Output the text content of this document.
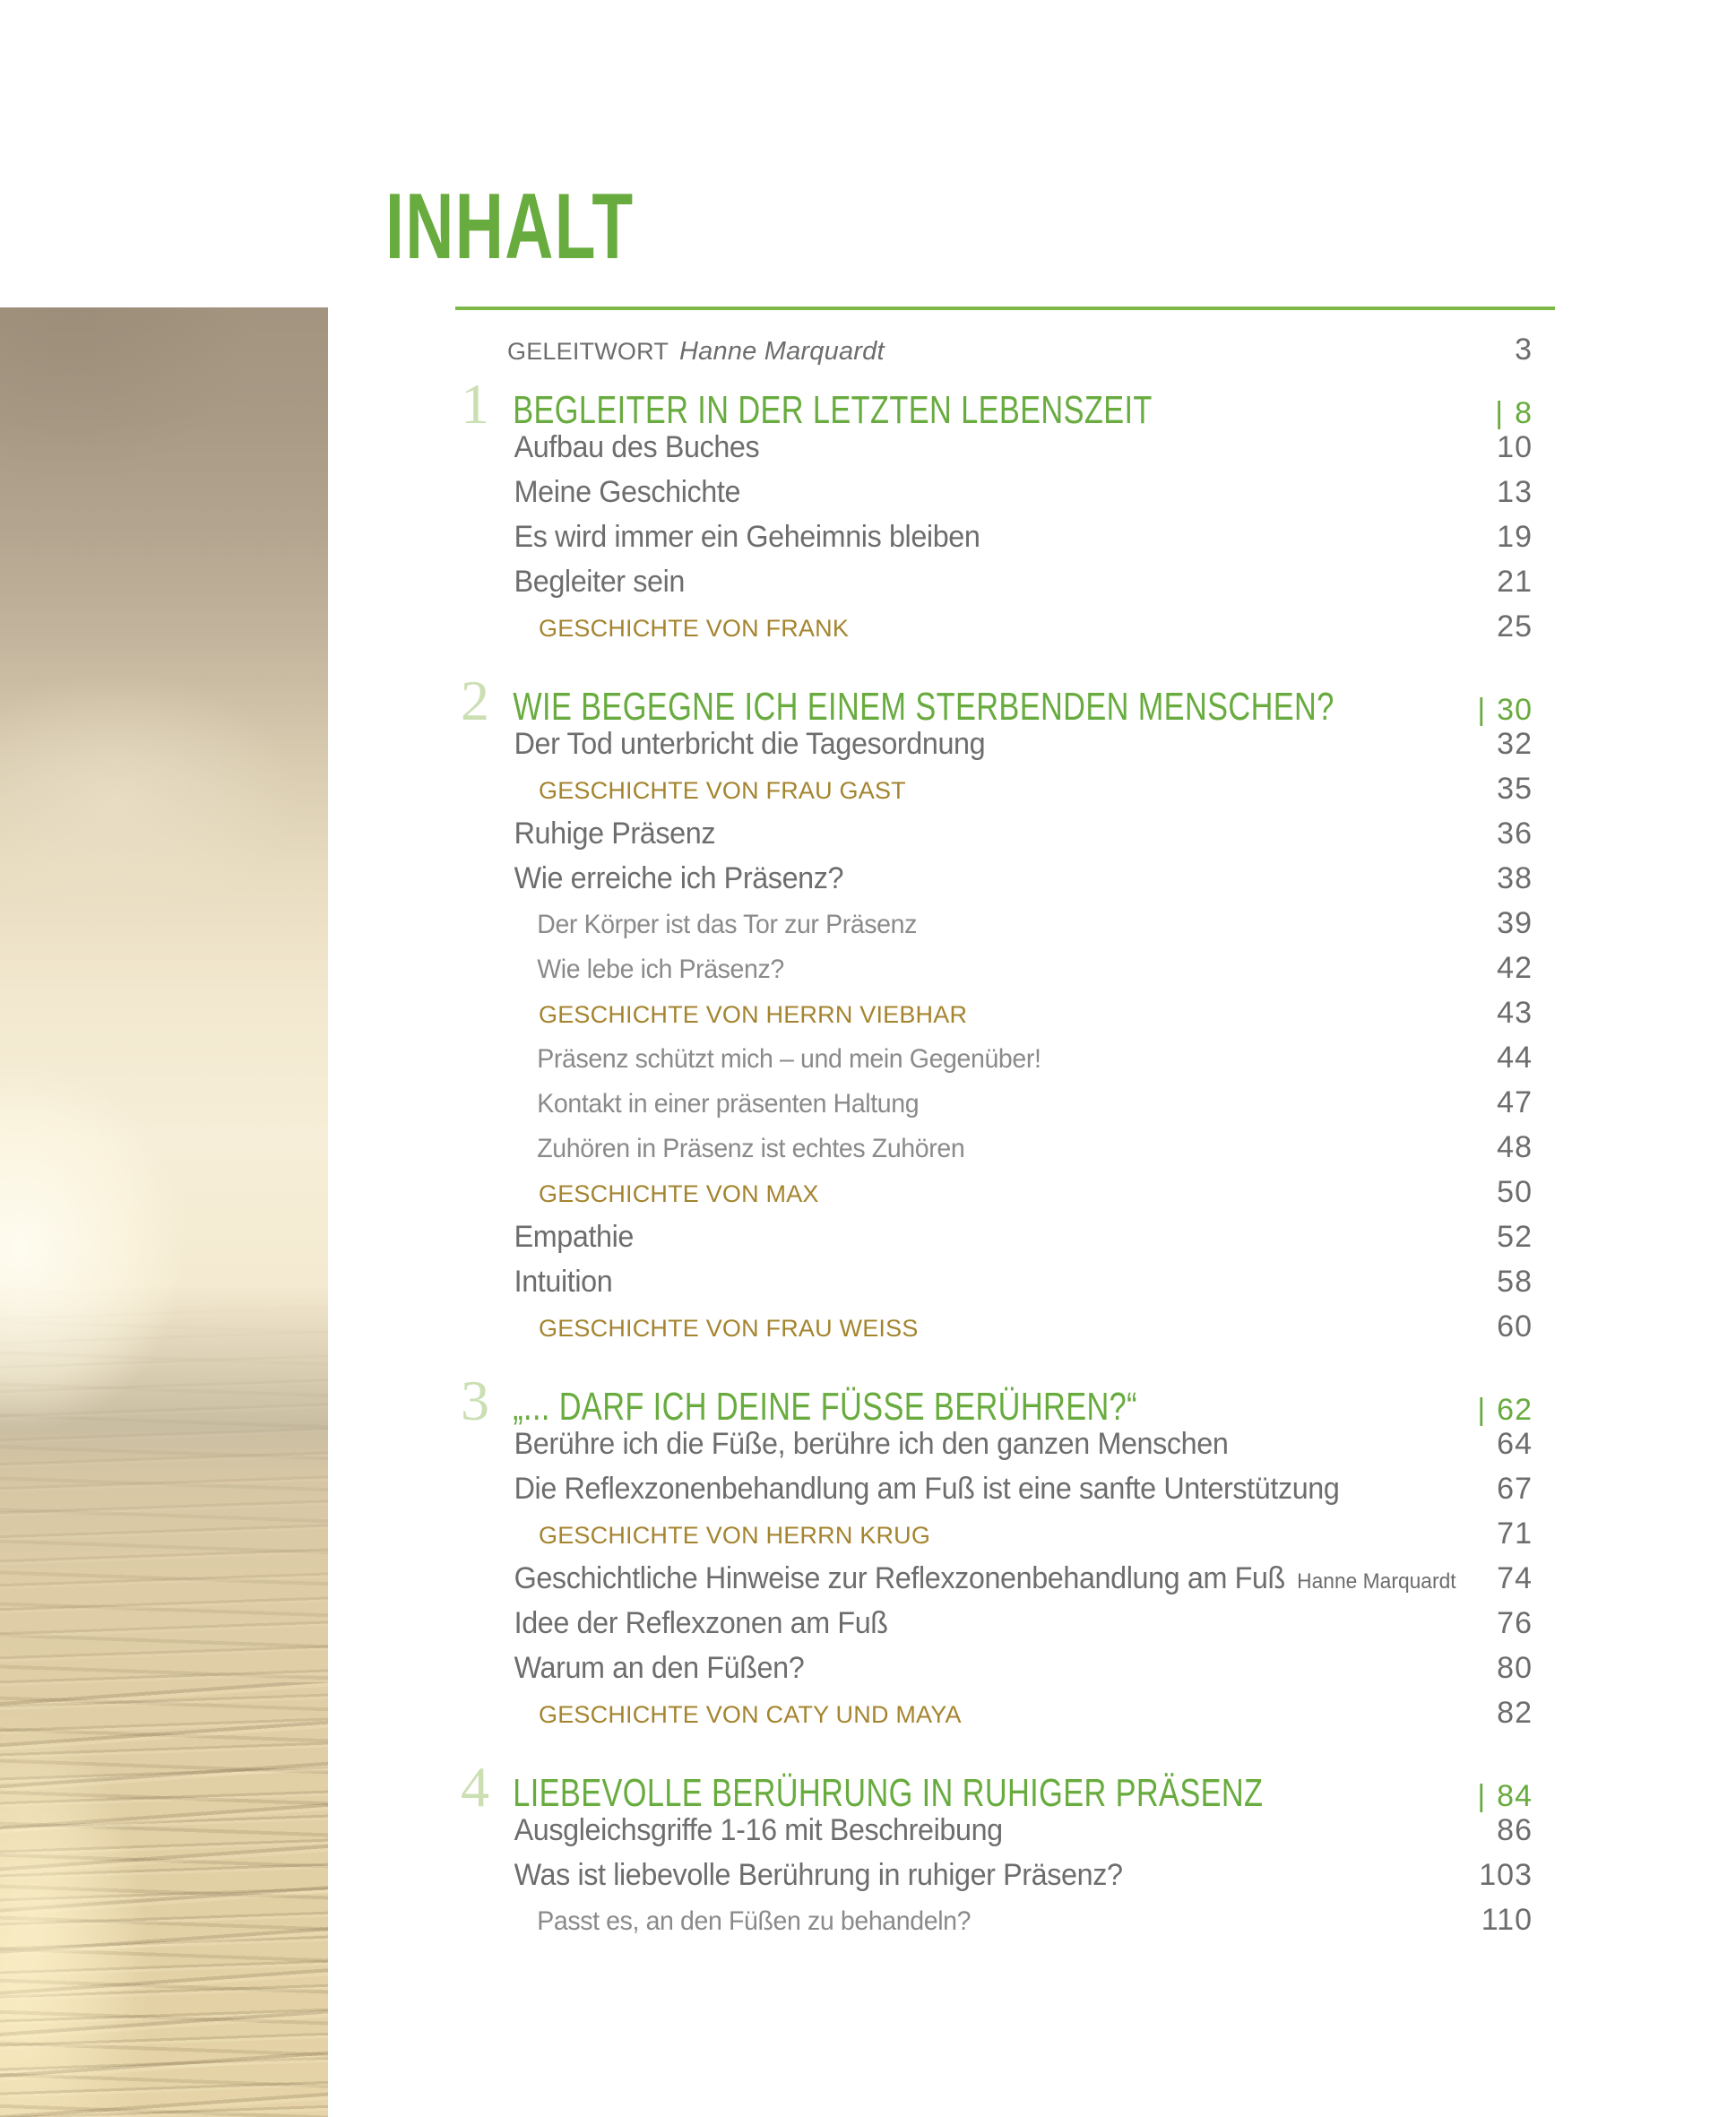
INHALT
GELEITWORT Hanne Marquardt	3
1 BEGLEITER IN DER LETZTEN LEBENSZEIT	| 8
Aufbau des Buches	10
Meine Geschichte	13
Es wird immer ein Geheimnis bleiben	19
Begleiter sein	21
GESCHICHTE VON FRANK	25
2 WIE BEGEGNE ICH EINEM STERBENDEN MENSCHEN?	| 30
Der Tod unterbricht die Tagesordnung	32
GESCHICHTE VON FRAU GAST	35
Ruhige Präsenz	36
Wie erreiche ich Präsenz?	38
Der Körper ist das Tor zur Präsenz	39
Wie lebe ich Präsenz?	42
GESCHICHTE VON HERRN VIEBHAR	43
Präsenz schützt mich – und mein Gegenüber!	44
Kontakt in einer präsenten Haltung	47
Zuhören in Präsenz ist echtes Zuhören	48
GESCHICHTE VON MAX	50
Empathie	52
Intuition	58
GESCHICHTE VON FRAU WEISS	60
3 „... DARF ICH DEINE FÜSSE BERÜHREN?“	| 62
Berühre ich die Füße, berühre ich den ganzen Menschen	64
Die Reflexzonenbehandlung am Fuß ist eine sanfte Unterstützung	67
GESCHICHTE VON HERRN KRUG	71
Geschichtliche Hinweise zur Reflexzonenbehandlung am Fuß Hanne Marquardt	74
Idee der Reflexzonen am Fuß	76
Warum an den Füßen?	80
GESCHICHTE VON CATY UND MAYA	82
4 LIEBEVOLLE BERÜHRUNG IN RUHIGER PRÄSENZ	| 84
Ausgleichsgriffe 1-16 mit Beschreibung	86
Was ist liebevolle Berührung in ruhiger Präsenz?	103
Passt es, an den Füßen zu behandeln?	110
